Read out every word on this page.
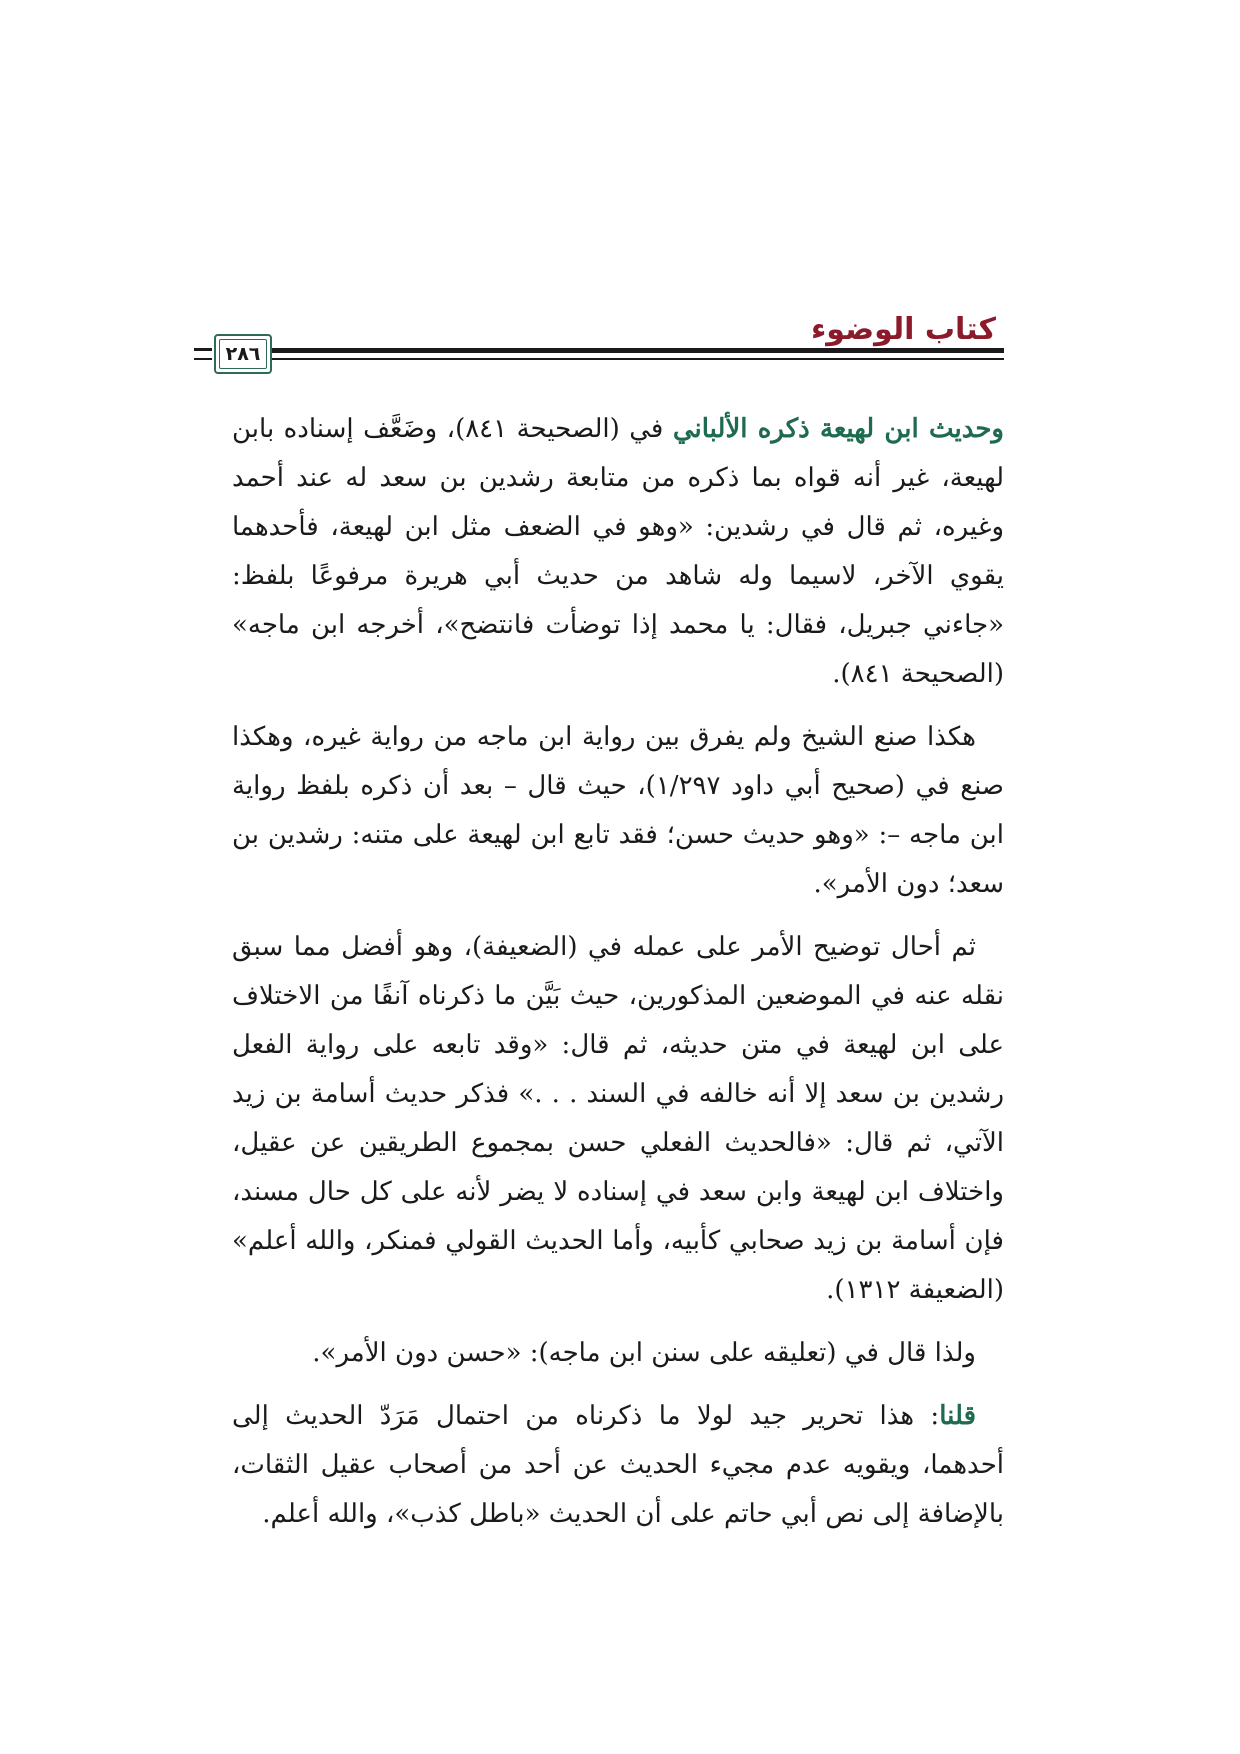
كتاب الوضوء
٢٨٦

وحديث ابن لهيعة ذكره الألباني في (الصحيحة ٨٤١)، وضَعَّف إسناده بابن لهيعة، غير أنه قواه بما ذكره من متابعة رشدين بن سعد له عند أحمد وغيره، ثم قال في رشدين: «وهو في الضعف مثل ابن لهيعة، فأحدهما يقوي الآخر، لاسيما وله شاهد من حديث أبي هريرة مرفوعًا بلفظ: «جاءني جبريل، فقال: يا محمد إذا توضأت فانتضح»، أخرجه ابن ماجه» (الصحيحة ٨٤١).

هكذا صنع الشيخ ولم يفرق بين رواية ابن ماجه من رواية غيره، وهكذا صنع في (صحيح أبي داود ١/٢٩٧)، حيث قال – بعد أن ذكره بلفظ رواية ابن ماجه –: «وهو حديث حسن؛ فقد تابع ابن لهيعة على متنه: رشدين بن سعد؛ دون الأمر».

ثم أحال توضيح الأمر على عمله في (الضعيفة)، وهو أفضل مما سبق نقله عنه في الموضعين المذكورين، حيث بَيَّن ما ذكرناه آنفًا من الاختلاف على ابن لهيعة في متن حديثه، ثم قال: «وقد تابعه على رواية الفعل رشدين بن سعد إلا أنه خالفه في السند . . .» فذكر حديث أسامة بن زيد الآتي، ثم قال: «فالحديث الفعلي حسن بمجموع الطريقين عن عقيل، واختلاف ابن لهيعة وابن سعد في إسناده لا يضر لأنه على كل حال مسند، فإن أسامة بن زيد صحابي كأبيه، وأما الحديث القولي فمنكر، والله أعلم» (الضعيفة ١٣١٢).

ولذا قال في (تعليقه على سنن ابن ماجه): «حسن دون الأمر».

قلنا: هذا تحرير جيد لولا ما ذكرناه من احتمال مَرَدّ الحديث إلى أحدهما، ويقويه عدم مجيء الحديث عن أحد من أصحاب عقيل الثقات، بالإضافة إلى نص أبي حاتم على أن الحديث «باطل كذب»، والله أعلم.
